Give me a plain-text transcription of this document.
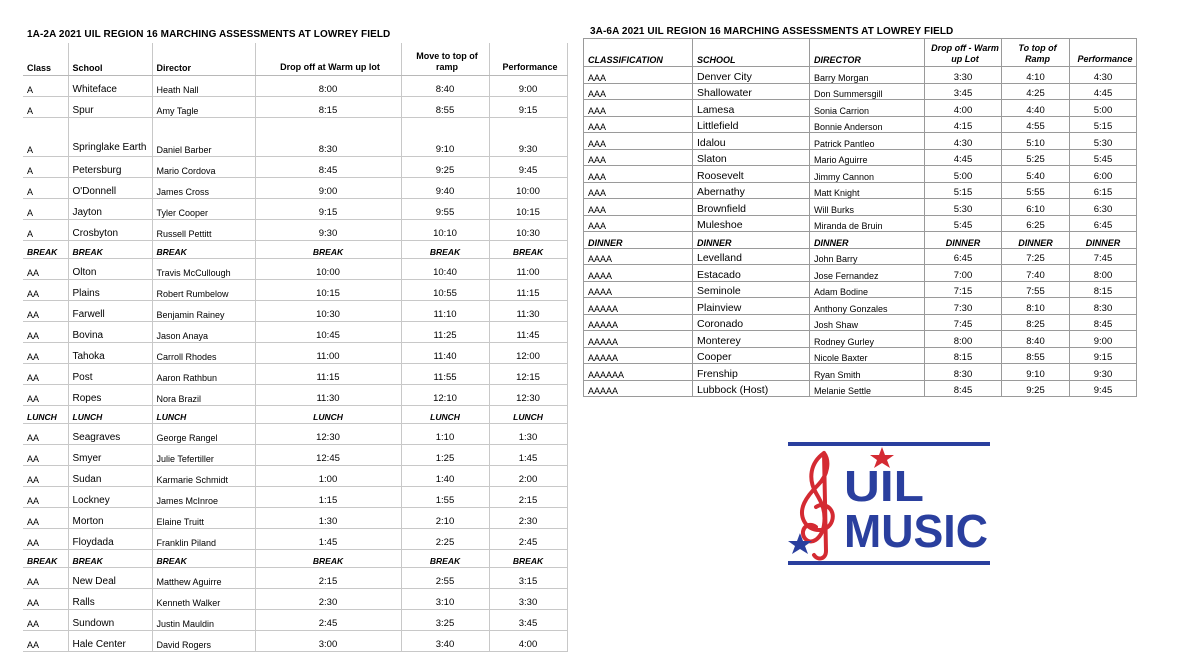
1A-2A 2021 UIL REGION 16 MARCHING ASSESSMENTS AT LOWREY FIELD
Class	School	Director	Drop off at Warm up lot	Move to top of ramp	Performance
A	Whiteface	Heath Nall	8:00	8:40	9:00
A	Spur	Amy Tagle	8:15	8:55	9:15
A	Springlake Earth	Daniel Barber	8:30	9:10	9:30
A	Petersburg	Mario Cordova	8:45	9:25	9:45
A	O'Donnell	James Cross	9:00	9:40	10:00
A	Jayton	Tyler Cooper	9:15	9:55	10:15
A	Crosbyton	Russell Pettitt	9:30	10:10	10:30
BREAK	BREAK	BREAK	BREAK	BREAK	BREAK
AA	Olton	Travis McCullough	10:00	10:40	11:00
AA	Plains	Robert Rumbelow	10:15	10:55	11:15
AA	Farwell	Benjamin Rainey	10:30	11:10	11:30
AA	Bovina	Jason Anaya	10:45	11:25	11:45
AA	Tahoka	Carroll Rhodes	11:00	11:40	12:00
AA	Post	Aaron Rathbun	11:15	11:55	12:15
AA	Ropes	Nora Brazil	11:30	12:10	12:30
LUNCH	LUNCH	LUNCH	LUNCH	LUNCH	LUNCH
AA	Seagraves	George Rangel	12:30	1:10	1:30
AA	Smyer	Julie Tefertiller	12:45	1:25	1:45
AA	Sudan	Karmarie Schmidt	1:00	1:40	2:00
AA	Lockney	James McInroe	1:15	1:55	2:15
AA	Morton	Elaine Truitt	1:30	2:10	2:30
AA	Floydada	Franklin Piland	1:45	2:25	2:45
BREAK	BREAK	BREAK	BREAK	BREAK	BREAK
AA	New Deal	Matthew Aguirre	2:15	2:55	3:15
AA	Ralls	Kenneth Walker	2:30	3:10	3:30
AA	Sundown	Justin Mauldin	2:45	3:25	3:45
AA	Hale Center	David Rogers	3:00	3:40	4:00
3A-6A 2021 UIL REGION 16 MARCHING ASSESSMENTS AT LOWREY FIELD
CLASSIFICATION	SCHOOL	DIRECTOR	Drop off - Warm up Lot	To top of Ramp	Performance
AAA	Denver City	Barry Morgan	3:30	4:10	4:30
AAA	Shallowater	Don Summersgill	3:45	4:25	4:45
AAA	Lamesa	Sonia Carrion	4:00	4:40	5:00
AAA	Littlefield	Bonnie Anderson	4:15	4:55	5:15
AAA	Idalou	Patrick Pantleo	4:30	5:10	5:30
AAA	Slaton	Mario Aguirre	4:45	5:25	5:45
AAA	Roosevelt	Jimmy Cannon	5:00	5:40	6:00
AAA	Abernathy	Matt Knight	5:15	5:55	6:15
AAA	Brownfield	Will Burks	5:30	6:10	6:30
AAA	Muleshoe	Miranda de Bruin	5:45	6:25	6:45
DINNER	DINNER	DINNER	DINNER	DINNER	DINNER
AAAA	Levelland	John Barry	6:45	7:25	7:45
AAAA	Estacado	Jose Fernandez	7:00	7:40	8:00
AAAA	Seminole	Adam Bodine	7:15	7:55	8:15
AAAAA	Plainview	Anthony Gonzales	7:30	8:10	8:30
AAAAA	Coronado	Josh Shaw	7:45	8:25	8:45
AAAAA	Monterey	Rodney Gurley	8:00	8:40	9:00
AAAAA	Cooper	Nicole Baxter	8:15	8:55	9:15
AAAAAA	Frenship	Ryan Smith	8:30	9:10	9:30
AAAAA	Lubbock (Host)	Melanie Settle	8:45	9:25	9:45
UIL
MUSIC
